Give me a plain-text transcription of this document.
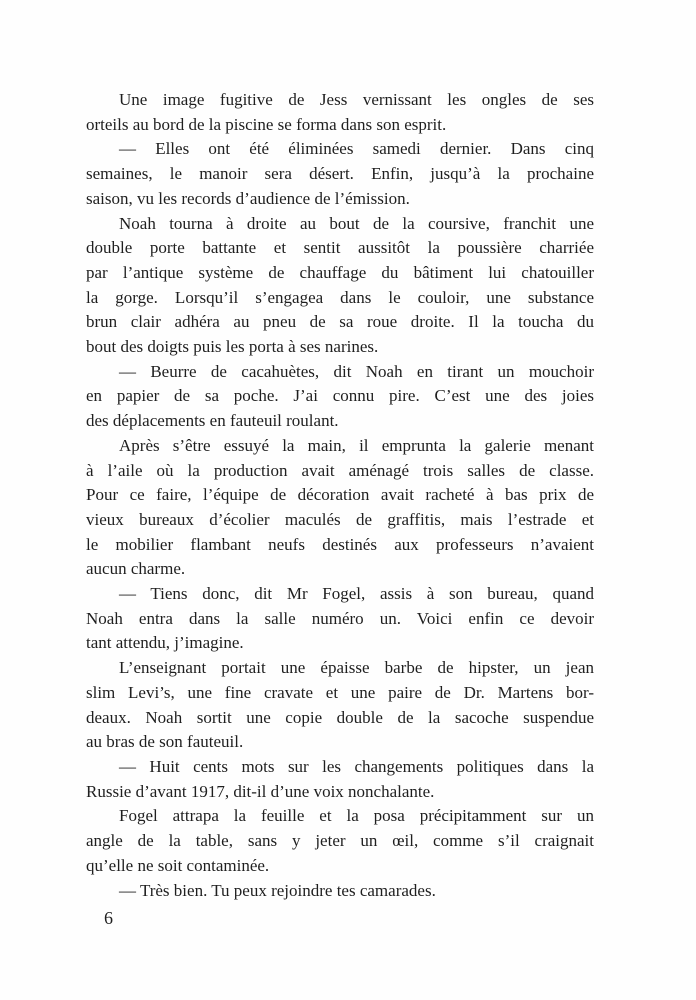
Une image fugitive de Jess vernissant les ongles de ses
orteils au bord de la piscine se forma dans son esprit.
— Elles ont été éliminées samedi dernier. Dans cinq
semaines, le manoir sera désert. Enfin, jusqu’à la prochaine
saison, vu les records d’audience de l’émission.
Noah tourna à droite au bout de la coursive, franchit une
double porte battante et sentit aussitôt la poussière charriée
par l’antique système de chauffage du bâtiment lui chatouiller
la gorge. Lorsqu’il s’engagea dans le couloir, une substance
brun clair adhéra au pneu de sa roue droite. Il la toucha du
bout des doigts puis les porta à ses narines.
— Beurre de cacahuètes, dit Noah en tirant un mouchoir
en papier de sa poche. J’ai connu pire. C’est une des joies
des déplacements en fauteuil roulant.
Après s’être essuyé la main, il emprunta la galerie menant
à l’aile où la production avait aménagé trois salles de classe.
Pour ce faire, l’équipe de décoration avait racheté à bas prix de
vieux bureaux d’écolier maculés de graffitis, mais l’estrade et
le mobilier flambant neufs destinés aux professeurs n’avaient
aucun charme.
— Tiens donc, dit Mr Fogel, assis à son bureau, quand
Noah entra dans la salle numéro un. Voici enfin ce devoir
tant attendu, j’imagine.
L’enseignant portait une épaisse barbe de hipster, un jean
slim Levi’s, une fine cravate et une paire de Dr. Martens bor-
deaux. Noah sortit une copie double de la sacoche suspendue
au bras de son fauteuil.
— Huit cents mots sur les changements politiques dans la
Russie d’avant 1917, dit-il d’une voix nonchalante.
Fogel attrapa la feuille et la posa précipitamment sur un
angle de la table, sans y jeter un œil, comme s’il craignait
qu’elle ne soit contaminée.
— Très bien. Tu peux rejoindre tes camarades.
6
